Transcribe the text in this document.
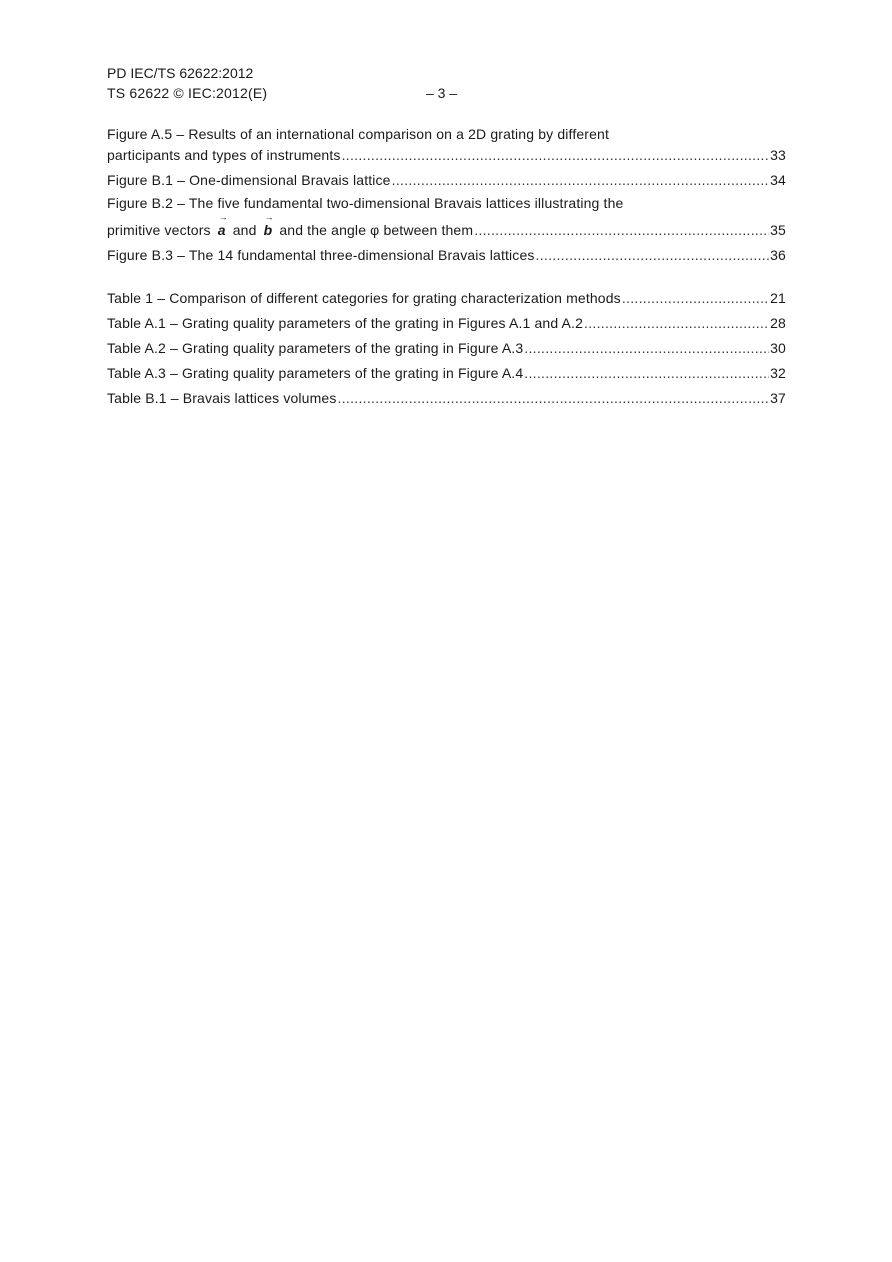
PD IEC/TS 62622:2012
TS 62622 © IEC:2012(E)	– 3 –
Figure A.5 – Results of an international comparison on a 2D grating by different
participants and types of instruments .....	33
Figure B.1 – One-dimensional Bravais lattice .....	34
Figure B.2 – The five fundamental two-dimensional Bravais lattices illustrating the
primitive vectors
→
a and
→
b and the angle φ between them .....	35
Figure B.3 – The 14 fundamental three-dimensional Bravais lattices .....	36
Table 1 – Comparison of different categories for grating characterization methods .....	21
Table A.1 – Grating quality parameters of the grating in Figures A.1 and A.2 .....	28
Table A.2 – Grating quality parameters of the grating in Figure A.3 .....	30
Table A.3 – Grating quality parameters of the grating in Figure A.4 .....	32
Table B.1 – Bravais lattices volumes .....	37
